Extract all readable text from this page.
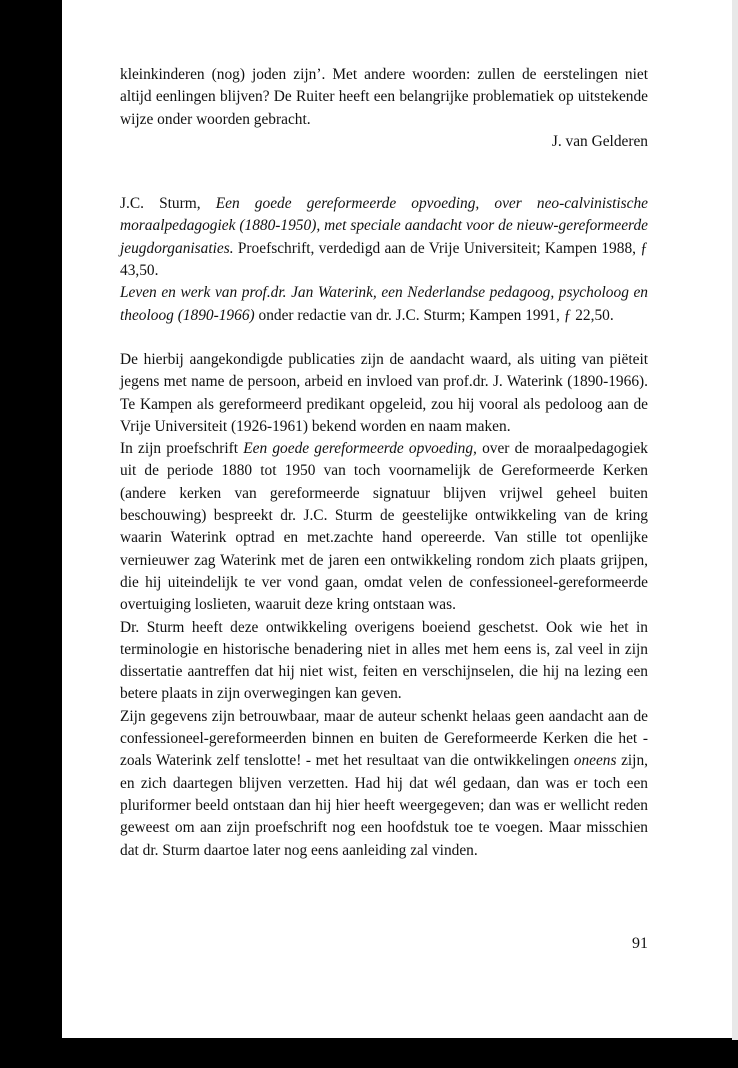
kleinkinderen (nog) joden zijn’. Met andere woorden: zullen de eerstelingen niet altijd eenlingen blijven? De Ruiter heeft een belangrijke problematiek op uitstekende wijze onder woorden gebracht.

J. van Gelderen

J.C. Sturm, Een goede gereformeerde opvoeding, over neo-calvinistische moraalpedagogiek (1880-1950), met speciale aandacht voor de nieuw-gereformeerde jeugdorganisaties. Proefschrift, verdedigd aan de Vrije Universiteit; Kampen 1988, ƒ 43,50.

Leven en werk van prof.dr. Jan Waterink, een Nederlandse pedagoog, psycholoog en theoloog (1890-1966) onder redactie van dr. J.C. Sturm; Kampen 1991, ƒ 22,50.

De hierbij aangekondigde publicaties zijn de aandacht waard, als uiting van piëteit jegens met name de persoon, arbeid en invloed van prof.dr. J. Waterink (1890-1966). Te Kampen als gereformeerd predikant opgeleid, zou hij vooral als pedoloog aan de Vrije Universiteit (1926-1961) bekend worden en naam maken.

In zijn proefschrift Een goede gereformeerde opvoeding, over de moraalpedagogiek uit de periode 1880 tot 1950 van toch voornamelijk de Gereformeerde Kerken (andere kerken van gereformeerde signatuur blijven vrijwel geheel buiten beschouwing) bespreekt dr. J.C. Sturm de geestelijke ontwikkeling van de kring waarin Waterink optrad en met.zachte hand opereerde. Van stille tot openlijke vernieuwer zag Waterink met de jaren een ontwikkeling rondom zich plaats grijpen, die hij uiteindelijk te ver vond gaan, omdat velen de confessioneel-gereformeerde overtuiging loslieten, waaruit deze kring ontstaan was.

Dr. Sturm heeft deze ontwikkeling overigens boeiend geschetst. Ook wie het in terminologie en historische benadering niet in alles met hem eens is, zal veel in zijn dissertatie aantreffen dat hij niet wist, feiten en verschijnselen, die hij na lezing een betere plaats in zijn overwegingen kan geven.

Zijn gegevens zijn betrouwbaar, maar de auteur schenkt helaas geen aandacht aan de confessioneel-gereformeerden binnen en buiten de Gereformeerde Kerken die het - zoals Waterink zelf tenslotte! - met het resultaat van die ontwikkelingen oneens zijn, en zich daartegen blijven verzetten. Had hij dat wél gedaan, dan was er toch een pluriformer beeld ontstaan dan hij hier heeft weergegeven; dan was er wellicht reden geweest om aan zijn proefschrift nog een hoofdstuk toe te voegen. Maar misschien dat dr. Sturm daartoe later nog eens aanleiding zal vinden.

91
